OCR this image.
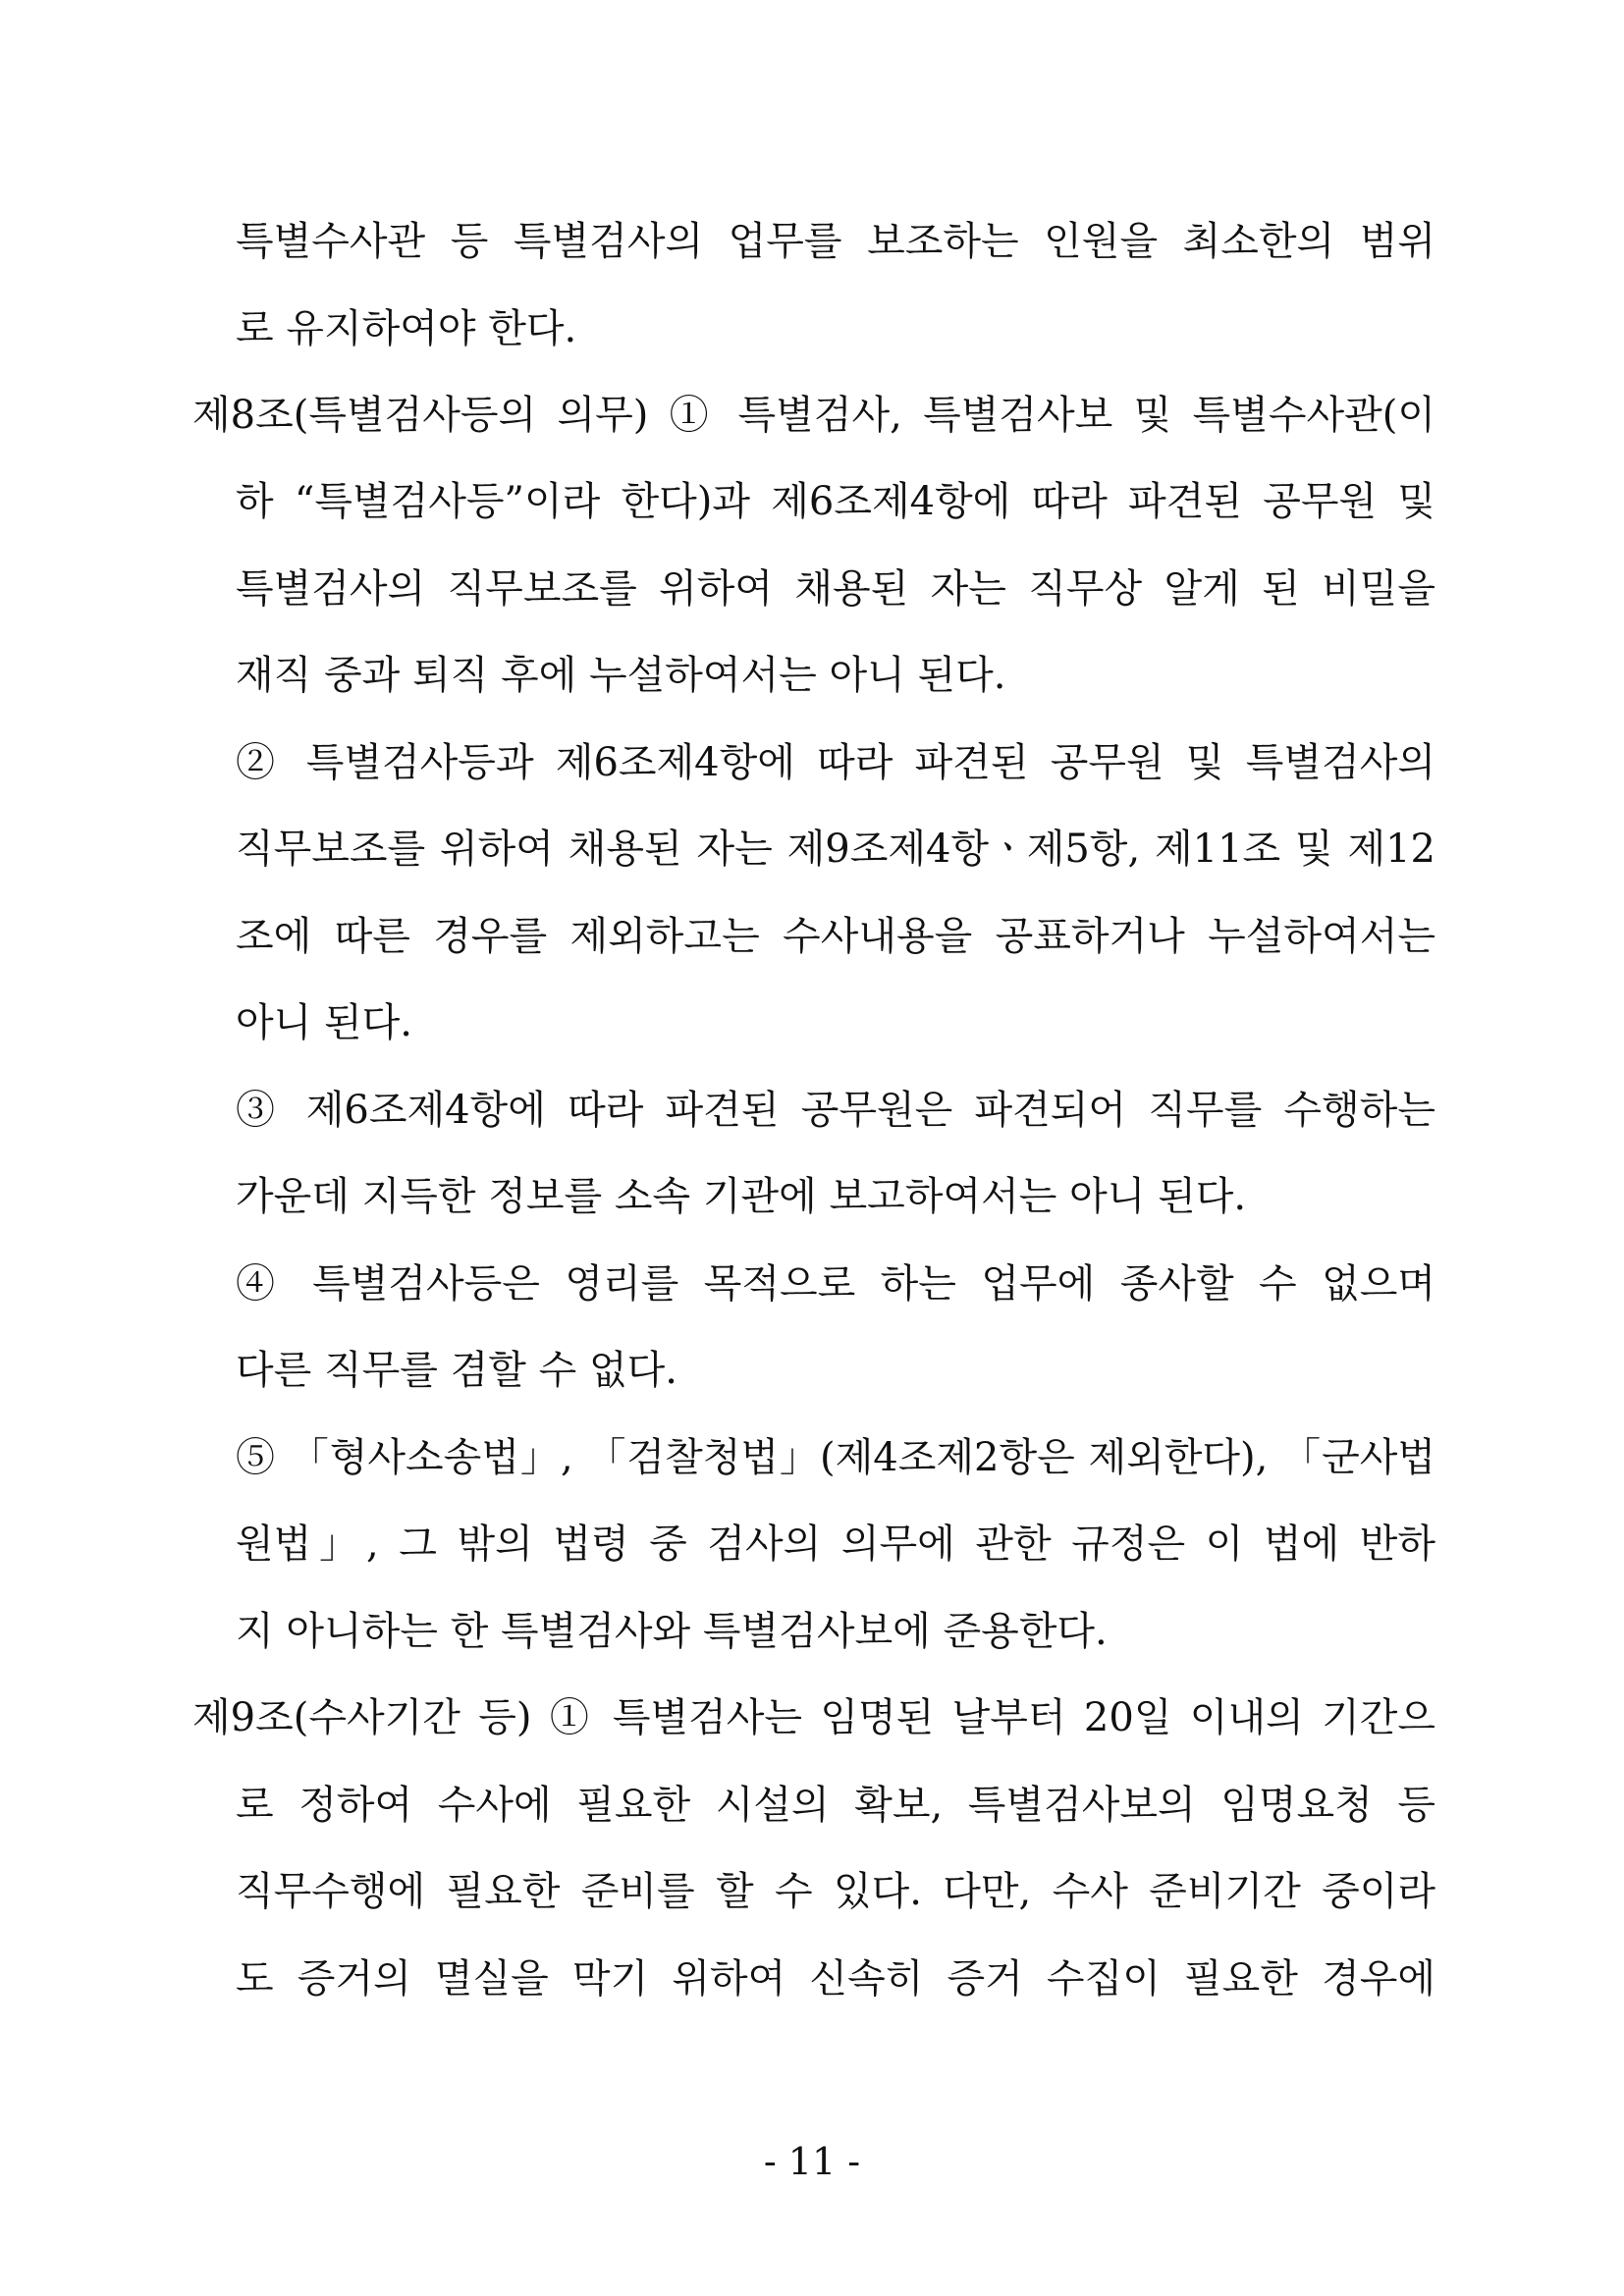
특별수사관 등 특별검사의 업무를 보조하는 인원을 최소한의 범위
로 유지하여야 한다.
제8조(특별검사등의 의무) ① 특별검사, 특별검사보 및 특별수사관(이
하 “특별검사등”이라 한다)과 제6조제4항에 따라 파견된 공무원 및
특별검사의 직무보조를 위하여 채용된 자는 직무상 알게 된 비밀을
재직 중과 퇴직 후에 누설하여서는 아니 된다.
② 특별검사등과 제6조제4항에 따라 파견된 공무원 및 특별검사의
직무보조를 위하여 채용된 자는 제9조제4항ㆍ제5항, 제11조 및 제12
조에 따른 경우를 제외하고는 수사내용을 공표하거나 누설하여서는
아니 된다.
③ 제6조제4항에 따라 파견된 공무원은 파견되어 직무를 수행하는
가운데 지득한 정보를 소속 기관에 보고하여서는 아니 된다.
④ 특별검사등은 영리를 목적으로 하는 업무에 종사할 수 없으며
다른 직무를 겸할 수 없다.
⑤ 「형사소송법」, 「검찰청법」(제4조제2항은 제외한다), 「군사법
원법」, 그 밖의 법령 중 검사의 의무에 관한 규정은 이 법에 반하
지 아니하는 한 특별검사와 특별검사보에 준용한다.
제9조(수사기간 등) ① 특별검사는 임명된 날부터 20일 이내의 기간으
로 정하여 수사에 필요한 시설의 확보, 특별검사보의 임명요청 등
직무수행에 필요한 준비를 할 수 있다. 다만, 수사 준비기간 중이라
도 증거의 멸실을 막기 위하여 신속히 증거 수집이 필요한 경우에
- 11 -
